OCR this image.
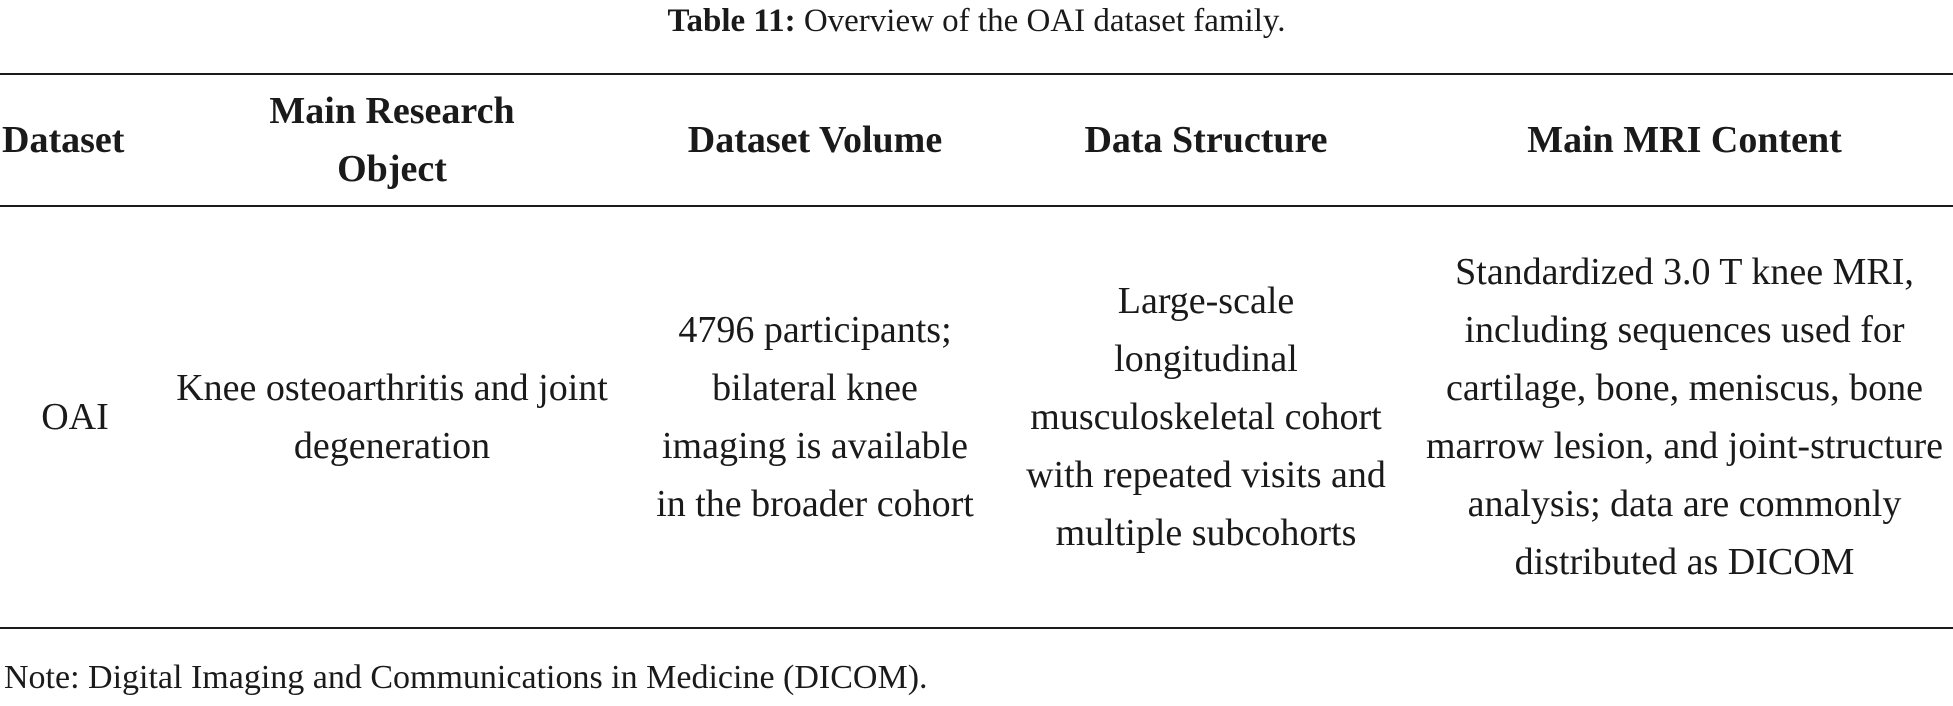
Table 11: Overview of the OAI dataset family.
Dataset
Main Research Object
Dataset Volume	Data Structure	Main MRI Content
OAI
Knee osteoarthritis and joint degeneration
4796 participants; bilateral knee imaging is available in the broader cohort
Large-scale longitudinal musculoskeletal cohort with repeated visits and multiple subcohorts
Standardized 3.0 T knee MRI, including sequences used for cartilage, bone, meniscus, bone marrow lesion, and joint-structure analysis; data are commonly distributed as DICOM
Note: Digital Imaging and Communications in Medicine (DICOM).
